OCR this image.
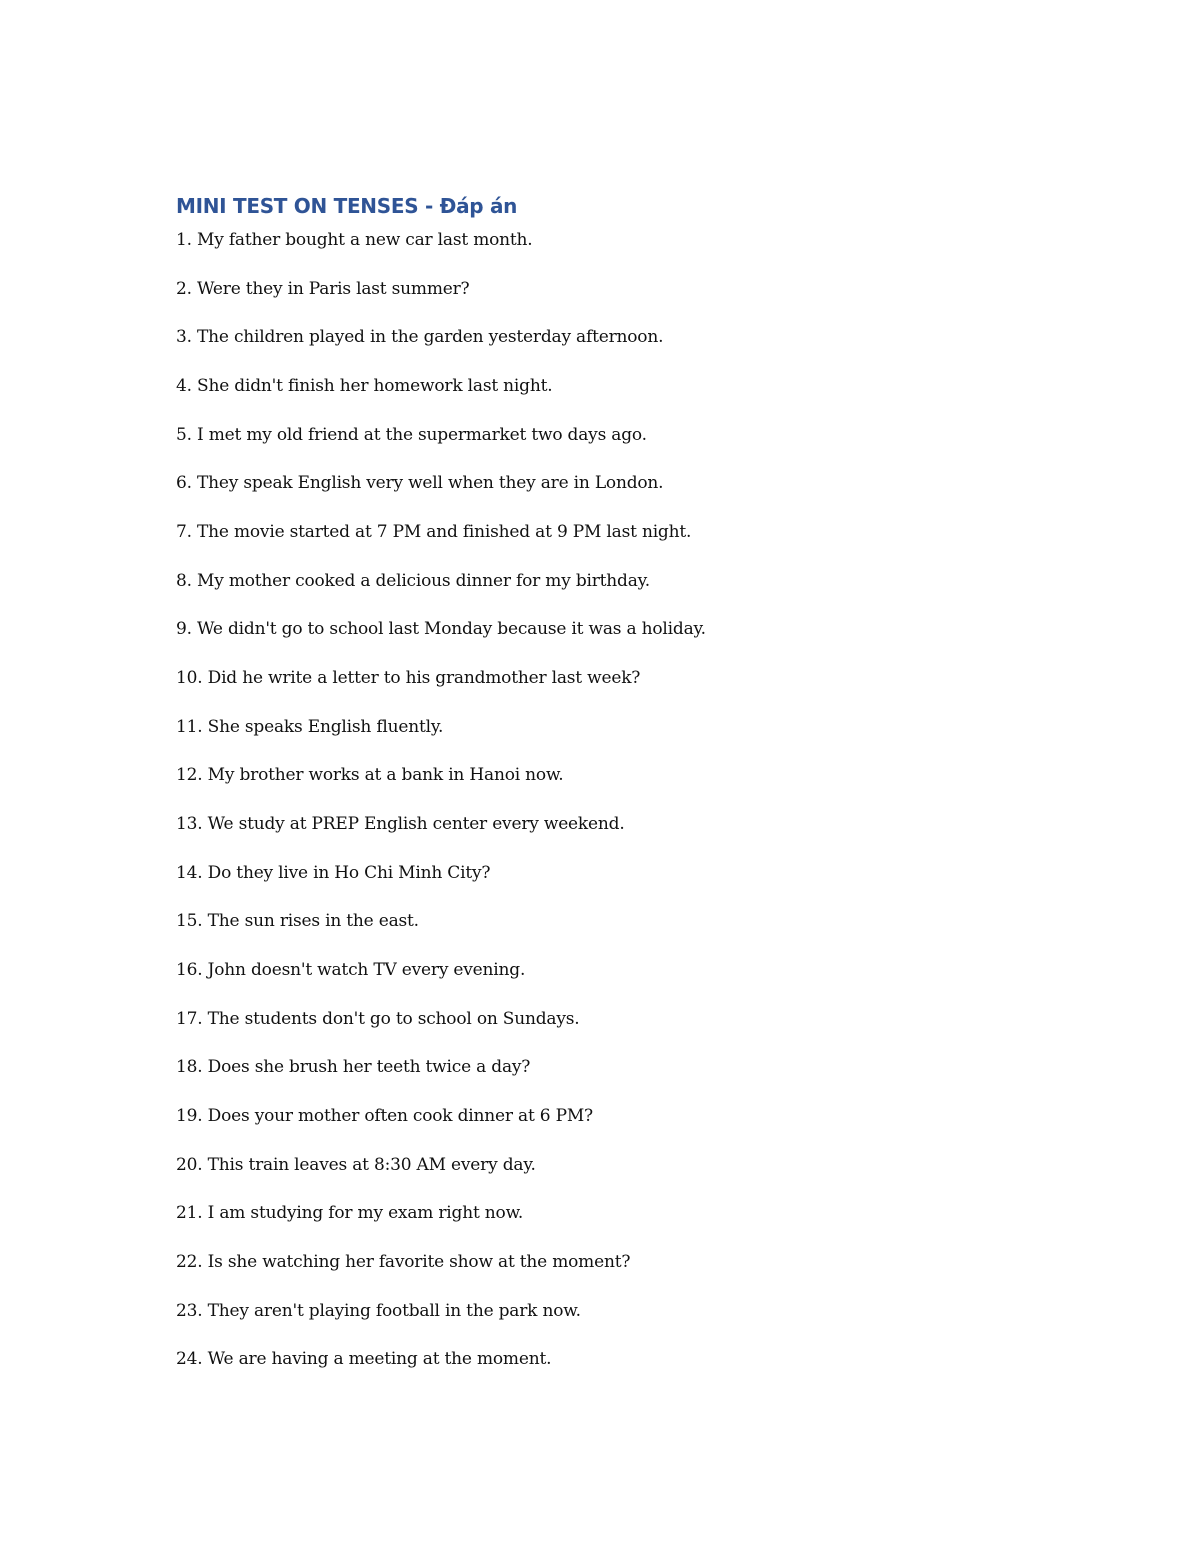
MINI TEST ON TENSES - Đáp án
1. My father bought a new car last month.
2. Were they in Paris last summer?
3. The children played in the garden yesterday afternoon.
4. She didn't finish her homework last night.
5. I met my old friend at the supermarket two days ago.
6. They speak English very well when they are in London.
7. The movie started at 7 PM and finished at 9 PM last night.
8. My mother cooked a delicious dinner for my birthday.
9. We didn't go to school last Monday because it was a holiday.
10. Did he write a letter to his grandmother last week?
11. She speaks English fluently.
12. My brother works at a bank in Hanoi now.
13. We study at PREP English center every weekend.
14. Do they live in Ho Chi Minh City?
15. The sun rises in the east.
16. John doesn't watch TV every evening.
17. The students don't go to school on Sundays.
18. Does she brush her teeth twice a day?
19. Does your mother often cook dinner at 6 PM?
20. This train leaves at 8:30 AM every day.
21. I am studying for my exam right now.
22. Is she watching her favorite show at the moment?
23. They aren't playing football in the park now.
24. We are having a meeting at the moment.
